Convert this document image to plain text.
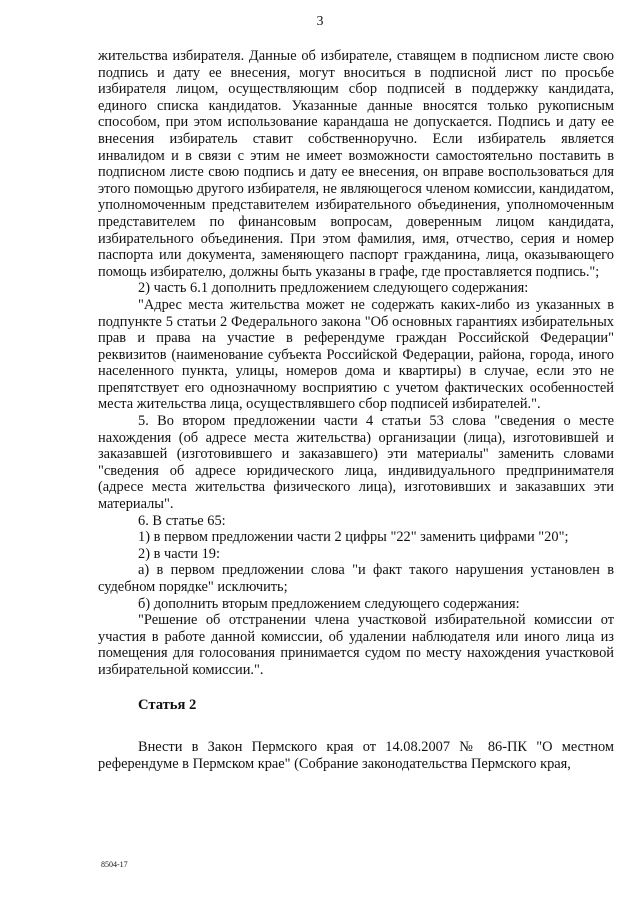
3

жительства избирателя. Данные об избирателе, ставящем в подписном листе свою подпись и дату ее внесения, могут вноситься в подписной лист по просьбе избирателя лицом, осуществляющим сбор подписей в поддержку кандидата, единого списка кандидатов. Указанные данные вносятся только рукописным способом, при этом использование карандаша не допускается. Подпись и дату ее внесения избиратель ставит собственноручно. Если избиратель является инвалидом и в связи с этим не имеет возможности самостоятельно поставить в подписном листе свою подпись и дату ее внесения, он вправе воспользоваться для этого помощью другого избирателя, не являющегося членом комиссии, кандидатом, уполномоченным представителем избирательного объединения, уполномоченным представителем по финансовым вопросам, доверенным лицом кандидата, избирательного объединения. При этом фамилия, имя, отчество, серия и номер паспорта или документа, заменяющего паспорт гражданина, лица, оказывающего помощь избирателю, должны быть указаны в графе, где проставляется подпись.";

2) часть 6.1 дополнить предложением следующего содержания:

"Адрес места жительства может не содержать каких-либо из указанных в подпункте 5 статьи 2 Федерального закона "Об основных гарантиях избирательных прав и права на участие в референдуме граждан Российской Федерации" реквизитов (наименование субъекта Российской Федерации, района, города, иного населенного пункта, улицы, номеров дома и квартиры) в случае, если это не препятствует его однозначному восприятию с учетом фактических особенностей места жительства лица, осуществлявшего сбор подписей избирателей.".

5. Во втором предложении части 4 статьи 53 слова "сведения о месте нахождения (об адресе места жительства) организации (лица), изготовившей и заказавшей (изготовившего и заказавшего) эти материалы" заменить словами "сведения об адресе юридического лица, индивидуального предпринимателя (адресе места жительства физического лица), изготовивших и заказавших эти материалы".

6. В статье 65:

1) в первом предложении части 2 цифры "22" заменить цифрами "20";

2) в части 19:

а) в первом предложении слова "и факт такого нарушения установлен в судебном порядке" исключить;

б) дополнить вторым предложением следующего содержания:

"Решение об отстранении члена участковой избирательной комиссии от участия в работе данной комиссии, об удалении наблюдателя или иного лица из помещения для голосования принимается судом по месту нахождения участковой избирательной комиссии.".

Статья 2

Внести в Закон Пермского края от 14.08.2007 № 86-ПК "О местном референдуме в Пермском крае" (Собрание законодательства Пермского края,

8504-17
